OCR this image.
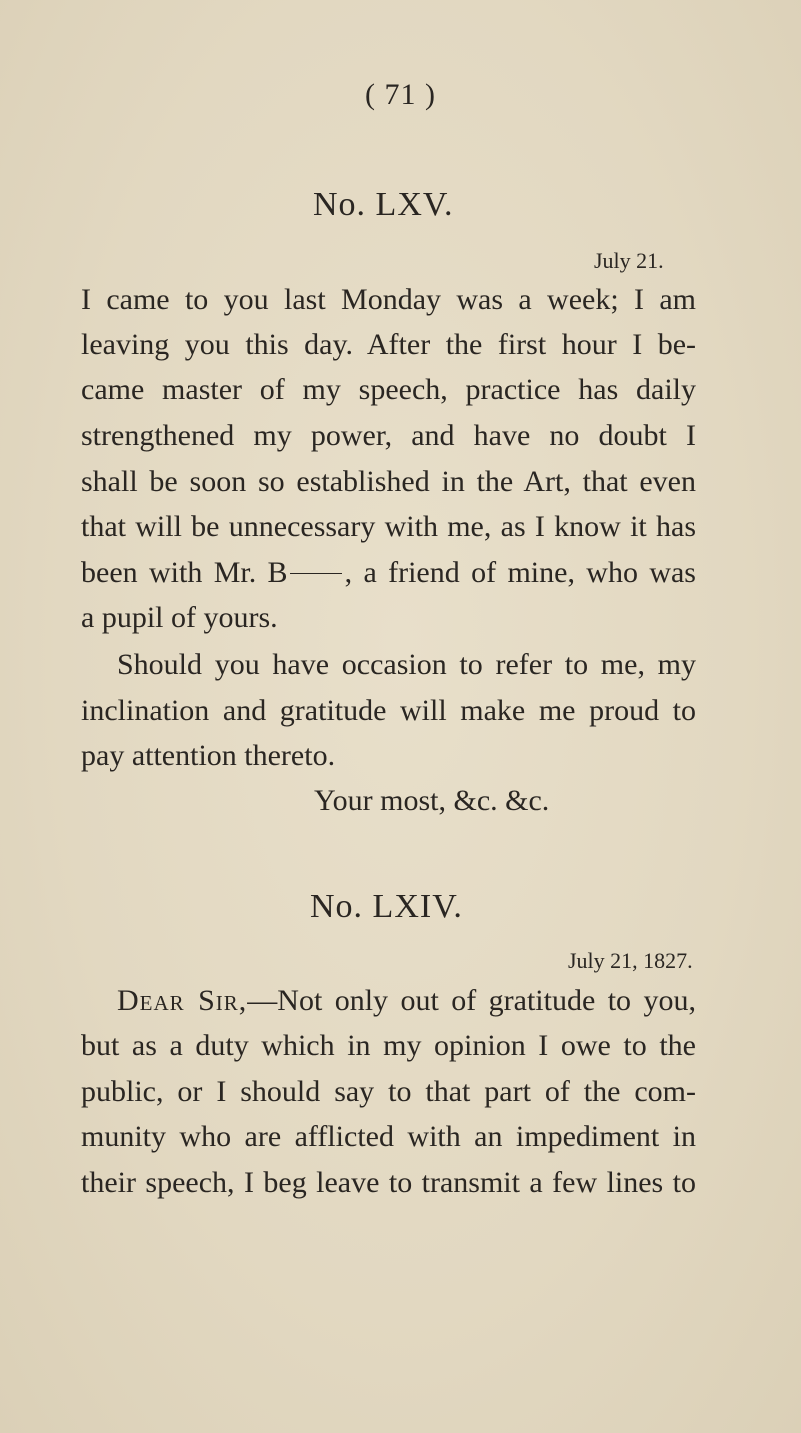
( 71 )
No. LXV.
July 21.
I came to you last Monday was a week; I am
leaving you this day. After the first hour I be-
came master of my speech, practice has daily
strengthened my power, and have no doubt I
shall be soon so established in the Art, that even
that will be unnecessary with me, as I know it has
been with Mr. B , a friend of mine, who was
a pupil of yours.
Should you have occasion to refer to me, my
inclination and gratitude will make me proud to
pay attention thereto.
Your most, &c. &c.
No. LXIV.
July 21, 1827.
Dear Sir,—Not only out of gratitude to you,
but as a duty which in my opinion I owe to the
public, or I should say to that part of the com-
munity who are afflicted with an impediment in
their speech, I beg leave to transmit a few lines to
